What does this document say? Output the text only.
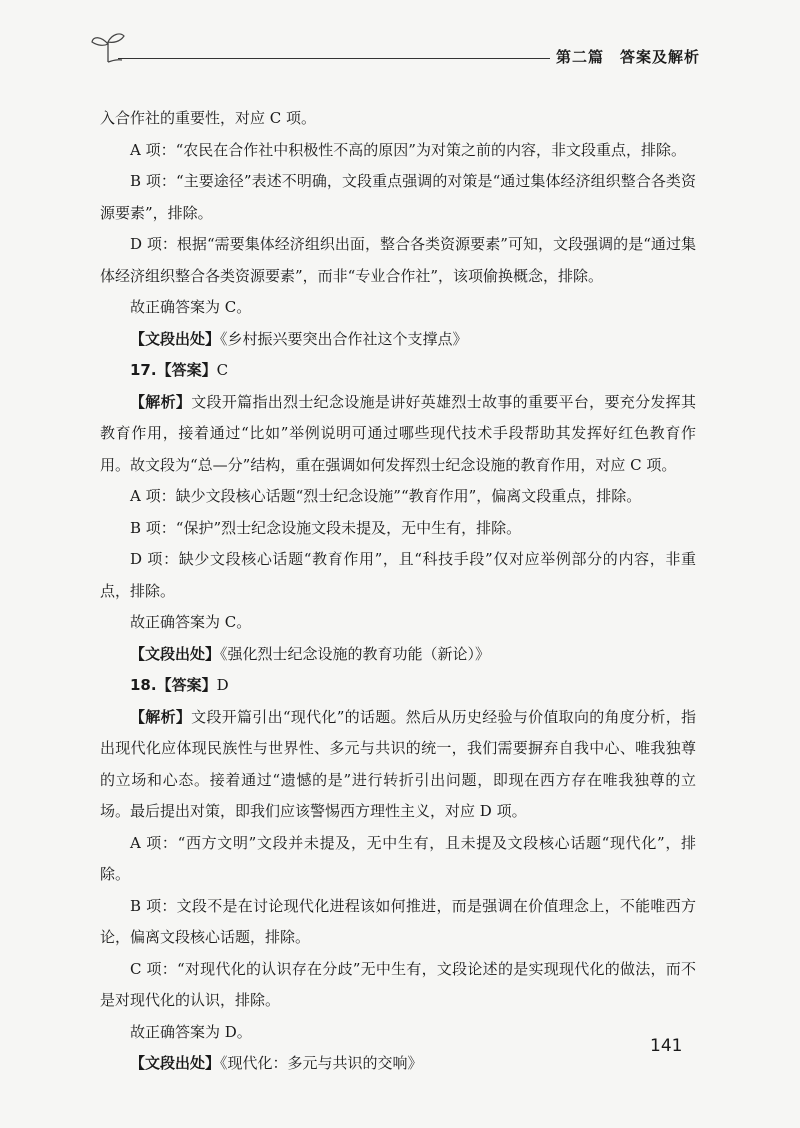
第二篇　答案及解析

入合作社的重要性，对应 C 项。

A 项：“农民在合作社中积极性不高的原因”为对策之前的内容，非文段重点，排除。

B 项：“主要途径”表述不明确，文段重点强调的对策是“通过集体经济组织整合各类资源要素”，排除。

D 项：根据“需要集体经济组织出面，整合各类资源要素”可知，文段强调的是“通过集体经济组织整合各类资源要素”，而非“专业合作社”，该项偷换概念，排除。

故正确答案为 C。

【文段出处】《乡村振兴要突出合作社这个支撑点》

17.【答案】C

【解析】文段开篇指出烈士纪念设施是讲好英雄烈士故事的重要平台，要充分发挥其教育作用，接着通过“比如”举例说明可通过哪些现代技术手段帮助其发挥好红色教育作用。故文段为“总—分”结构，重在强调如何发挥烈士纪念设施的教育作用，对应 C 项。

A 项：缺少文段核心话题“烈士纪念设施”“教育作用”，偏离文段重点，排除。

B 项：“保护”烈士纪念设施文段未提及，无中生有，排除。

D 项：缺少文段核心话题“教育作用”，且“科技手段”仅对应举例部分的内容，非重点，排除。

故正确答案为 C。

【文段出处】《强化烈士纪念设施的教育功能（新论）》

18.【答案】D

【解析】文段开篇引出“现代化”的话题。然后从历史经验与价值取向的角度分析，指出现代化应体现民族性与世界性、多元与共识的统一，我们需要摒弃自我中心、唯我独尊的立场和心态。接着通过“遗憾的是”进行转折引出问题，即现在西方存在唯我独尊的立场。最后提出对策，即我们应该警惕西方理性主义，对应 D 项。

A 项：“西方文明”文段并未提及，无中生有，且未提及文段核心话题“现代化”，排除。

B 项：文段不是在讨论现代化进程该如何推进，而是强调在价值理念上，不能唯西方论，偏离文段核心话题，排除。

C 项：“对现代化的认识存在分歧”无中生有，文段论述的是实现现代化的做法，而不是对现代化的认识，排除。

故正确答案为 D。

【文段出处】《现代化：多元与共识的交响》

141
